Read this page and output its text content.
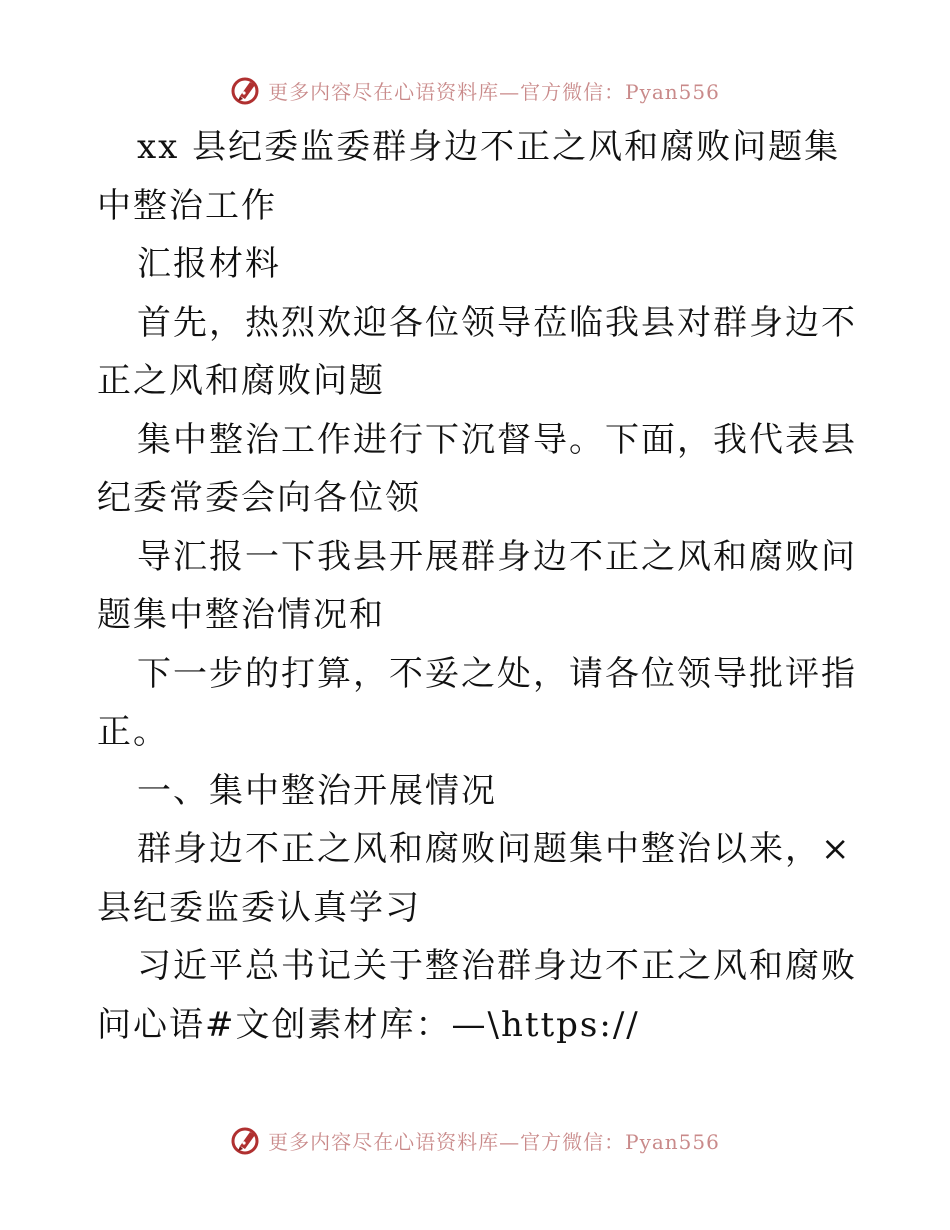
更多内容尽在心语资料库—官方微信：Pyan556

xx 县纪委监委群身边不正之风和腐败问题集中整治工作

汇报材料

首先，热烈欢迎各位领导莅临我县对群身边不正之风和腐败问题

集中整治工作进行下沉督导。下面，我代表县纪委常委会向各位领

导汇报一下我县开展群身边不正之风和腐败问题集中整治情况和

下一步的打算，不妥之处，请各位领导批评指正。

一、集中整治开展情况

群身边不正之风和腐败问题集中整治以来，×县纪委监委认真学习

习近平总书记关于整治群身边不正之风和腐败问心语#文创素材库：—\https://

更多内容尽在心语资料库—官方微信：Pyan556
